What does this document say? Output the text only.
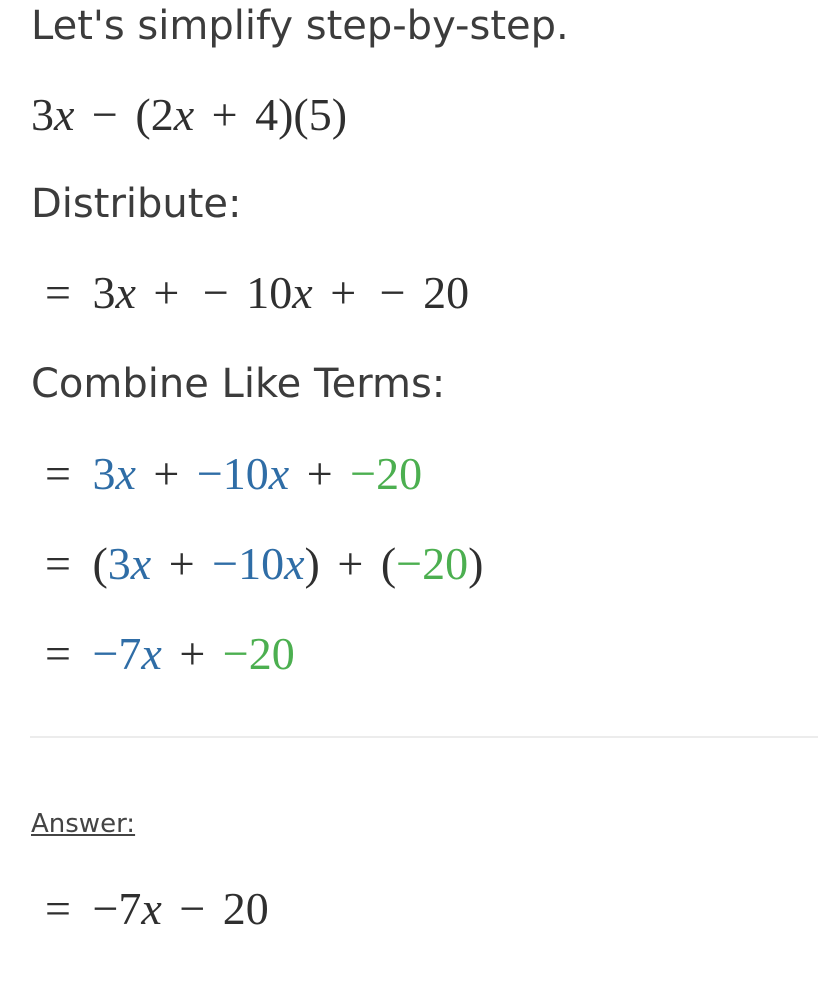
Let's simplify step-by-step.
3x − (2x + 4)(5)
Distribute:
= 3x + − 10x + − 20
Combine Like Terms:
= 3x + −10x + −20
= (3x + −10x) + (−20)
= −7x + −20
Answer:
= −7x − 20
